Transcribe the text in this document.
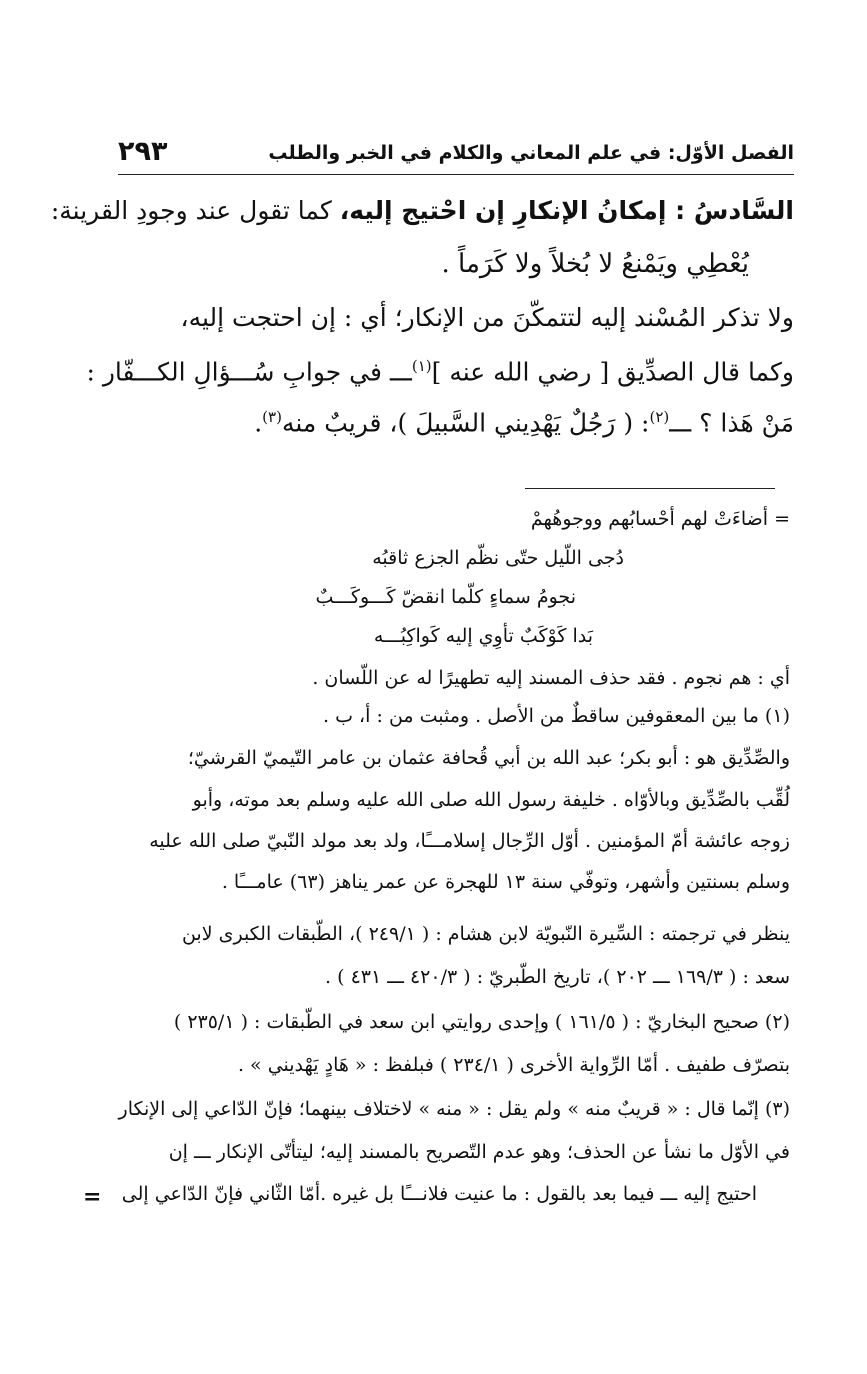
الفصل الأوّل: في علم المعاني والكلام في الخبر والطلب
٢٩٣
السَّادسُ : إمكانُ الإنكارِ إن احْتيج إليه، كما تقول عند وجودِ القرينة:
يُعْطِي ويَمْنعُ لا بُخلاً ولا كَرَماً .
ولا تذكر المُسْند إليه لتتمكّنَ من الإنكار؛ أي : إن احتجت إليه،
وكما قال الصدِّيق [ رضي الله عنه ]$^{(١)}$ـــ في جوابِ سُـــؤالِ الكـــفّار :
مَنْ هَذا ؟ ـــ$^{(٢)}$: ( رَجُلٌ يَهْدِيني السَّبيلَ )، قريبٌ منه$^{(٣)}$.
= أضاءَتْ لهم أحْسابُهم ووجوهُهمْ
دُجى اللّيل حتّى نظّم الجزع ثاقبُه
نجومُ سماءٍ كلّما انقضّ كَـــوكَـــبٌ
بَدا كَوْكَبٌ تأوِي إليه كَواكِبُـــه
أي : هم نجوم . فقد حذف المسند إليه تطهيرًا له عن اللّسان .
(١) ما بين المعقوفين ساقطٌ من الأصل . ومثبت من : أ، ب .
والصِّدِّيق هو : أبو بكر؛ عبد الله بن أبي قُحافة عثمان بن عامر التّيميّ القرشيّ؛
لُقِّب بالصِّدِّيق وبالأوّاه . خليفة رسول الله صلى الله عليه وسلم بعد موته، وأبو
زوجه عائشة أمّ المؤمنين . أوّل الرِّجال إسلامـــًا، ولد بعد مولد النّبيّ صلى الله عليه
وسلم بسنتين وأشهر، وتوفّي سنة ١٣ للهجرة عن عمر يناهز (٦٣) عامـــًا .
ينظر في ترجمته : السِّيرة النّبويّة لابن هشام : ( ٢٤٩/١ )، الطّبقات الكبرى لابن
سعد : ( ١٦٩/٣ ـــ ٢٠٢ )، تاريخ الطّبريّ : ( ٤٢٠/٣ ـــ ٤٣١ ) .
(٢) صحيح البخاريّ : ( ١٦١/٥ ) وإحدى روايتي ابن سعد في الطّبقات : ( ٢٣٥/١ )
بتصرّف طفيف . أمّا الرِّواية الأخرى ( ٢٣٤/١ ) فبلفظ : « هَادٍ يَهْديني » .
(٣) إنّما قال : « قريبٌ منه » ولم يقل : « منه » لاختلاف بينهما؛ فإنّ الدّاعي إلى الإنكار
في الأوّل ما نشأ عن الحذف؛ وهو عدم التّصريح بالمسند إليه؛ ليتأتّى الإنكار ـــ إن
احتيج إليه ـــ فيما بعد بالقول : ما عنيت فلانـــًا بل غيره .أمّا الثّاني فإنّ الدّاعي إلى
=
